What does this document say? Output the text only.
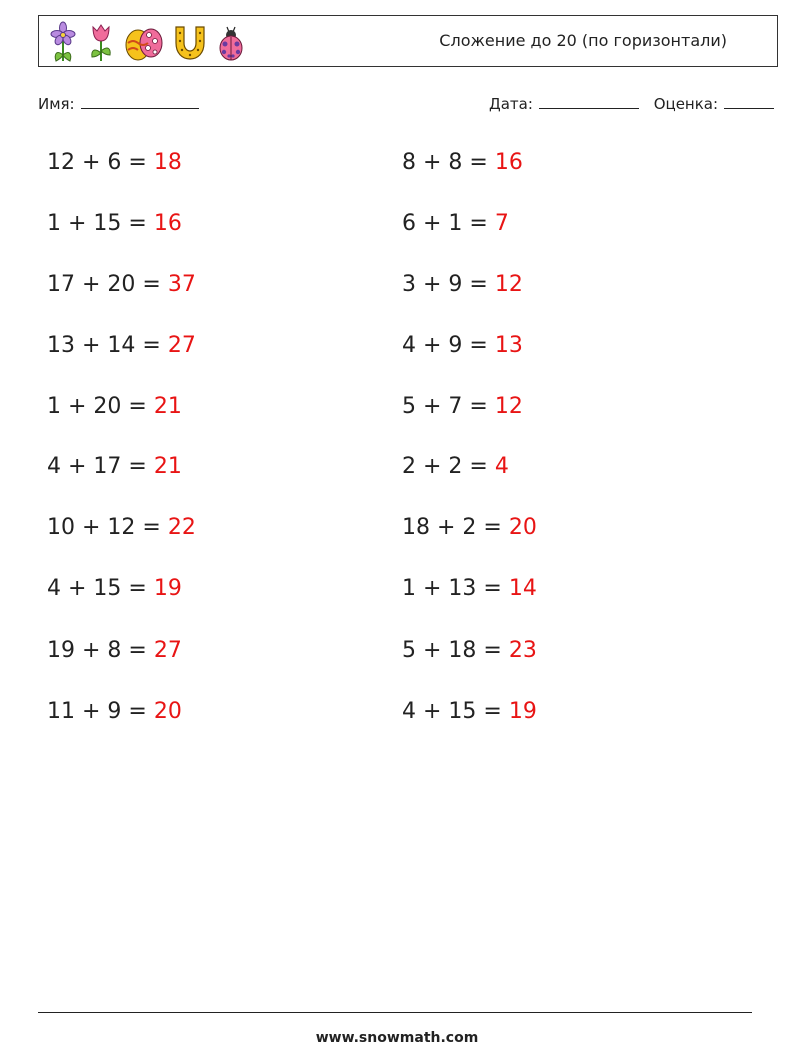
Сложение до 20 (по горизонтали)
Имя:	Дата:	Оценка:
12 + 6 = 18	8 + 8 = 16
1 + 15 = 16	6 + 1 = 7
17 + 20 = 37	3 + 9 = 12
13 + 14 = 27	4 + 9 = 13
1 + 20 = 21	5 + 7 = 12
4 + 17 = 21	2 + 2 = 4
10 + 12 = 22	18 + 2 = 20
4 + 15 = 19	1 + 13 = 14
19 + 8 = 27	5 + 18 = 23
11 + 9 = 20	4 + 15 = 19
www.snowmath.com
